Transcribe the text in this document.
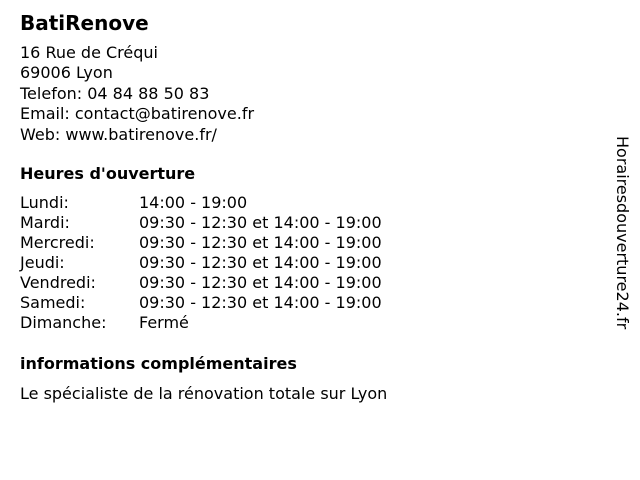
BatiRenove
16 Rue de Créqui
69006 Lyon
Telefon: 04 84 88 50 83
Email: contact@batirenove.fr
Web: www.batirenove.fr/
Heures d'ouverture
Lundi:	14:00 - 19:00
Mardi:	09:30 - 12:30 et 14:00 - 19:00
Mercredi:	09:30 - 12:30 et 14:00 - 19:00
Jeudi:	09:30 - 12:30 et 14:00 - 19:00
Vendredi:	09:30 - 12:30 et 14:00 - 19:00
Samedi:	09:30 - 12:30 et 14:00 - 19:00
Dimanche:	Fermé
informations complémentaires

Le spécialiste de la rénovation totale sur Lyon

Horairesdouverture24.fr
